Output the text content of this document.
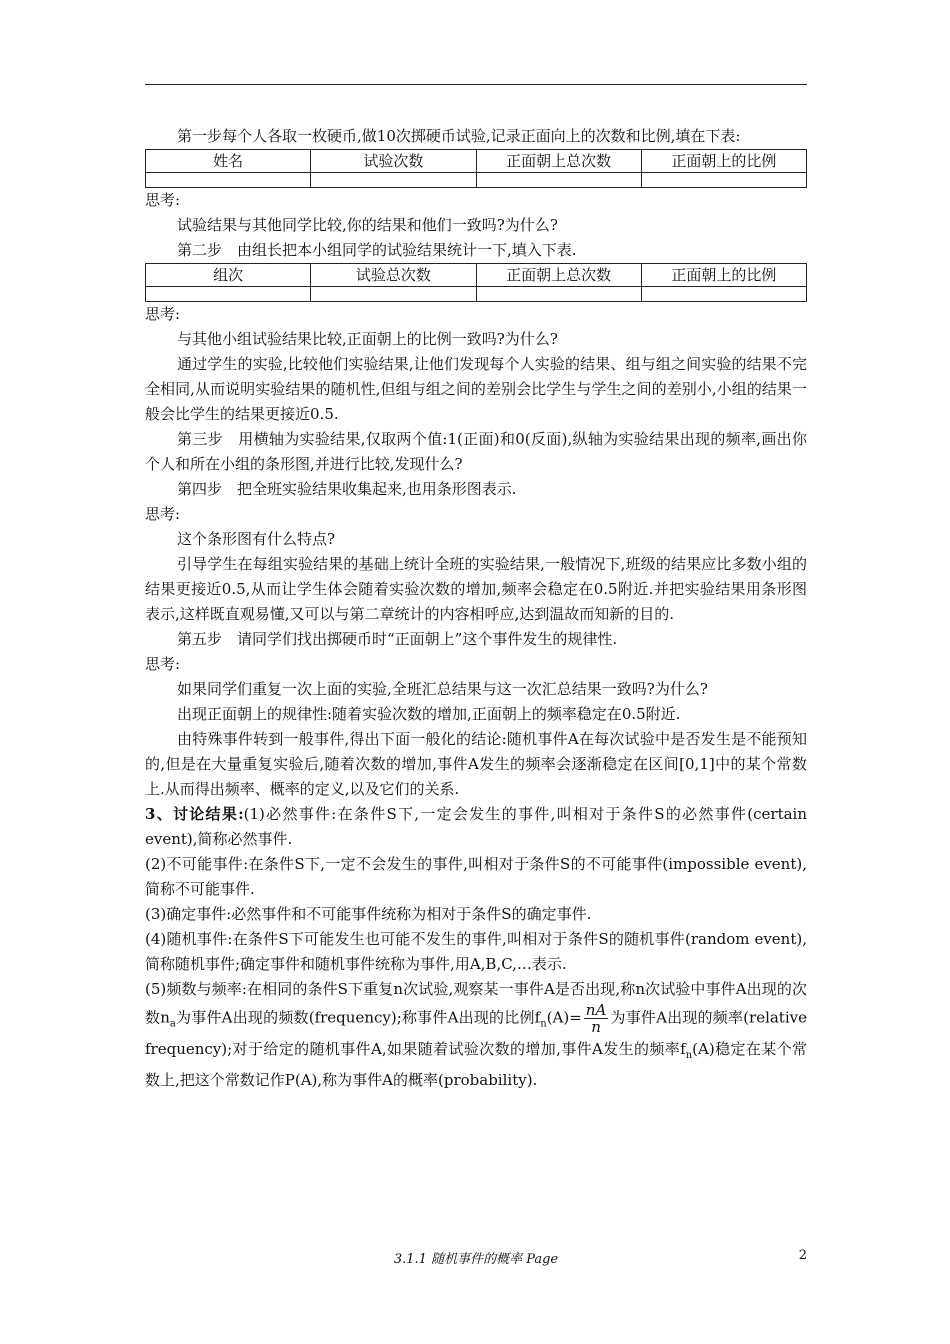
第一步每个人各取一枚硬币,做10次掷硬币试验,记录正面向上的次数和比例,填在下表:

姓名	试验次数	正面朝上总次数	正面朝上的比例

思考:

试验结果与其他同学比较,你的结果和他们一致吗?为什么?

第二步　由组长把本小组同学的试验结果统计一下,填入下表.

组次	试验总次数	正面朝上总次数	正面朝上的比例

思考:

与其他小组试验结果比较,正面朝上的比例一致吗?为什么?

通过学生的实验,比较他们实验结果,让他们发现每个人实验的结果、组与组之间实验的结果不完全相同,从而说明实验结果的随机性,但组与组之间的差别会比学生与学生之间的差别小,小组的结果一般会比学生的结果更接近0.5.

第三步　用横轴为实验结果,仅取两个值:1(正面)和0(反面),纵轴为实验结果出现的频率,画出你个人和所在小组的条形图,并进行比较,发现什么?

第四步　把全班实验结果收集起来,也用条形图表示.

思考:

这个条形图有什么特点?

引导学生在每组实验结果的基础上统计全班的实验结果,一般情况下,班级的结果应比多数小组的结果更接近0.5,从而让学生体会随着实验次数的增加,频率会稳定在0.5附近.并把实验结果用条形图表示,这样既直观易懂,又可以与第二章统计的内容相呼应,达到温故而知新的目的.

第五步　请同学们找出掷硬币时“正面朝上”这个事件发生的规律性.

思考:

如果同学们重复一次上面的实验,全班汇总结果与这一次汇总结果一致吗?为什么?

出现正面朝上的规律性:随着实验次数的增加,正面朝上的频率稳定在0.5附近.

由特殊事件转到一般事件,得出下面一般化的结论:随机事件A在每次试验中是否发生是不能预知的,但是在大量重复实验后,随着次数的增加,事件A发生的频率会逐渐稳定在区间[0,1]中的某个常数上.从而得出频率、概率的定义,以及它们的关系.

3、讨论结果:(1)必然事件:在条件S下,一定会发生的事件,叫相对于条件S的必然事件(certain event),简称必然事件.

(2)不可能事件:在条件S下,一定不会发生的事件,叫相对于条件S的不可能事件(impossible event),简称不可能事件.

(3)确定事件:必然事件和不可能事件统称为相对于条件S的确定事件.

(4)随机事件:在条件S下可能发生也可能不发生的事件,叫相对于条件S的随机事件(random event),简称随机事件;确定事件和随机事件统称为事件,用A,B,C,…表示.

(5)频数与频率:在相同的条件S下重复n次试验,观察某一事件A是否出现,称n次试验中事件A出现的次数$n_a$为事件A出现的频数(frequency);称事件A出现的比例$f_n(A)= \frac{nA}{n}$ 为事件A出现的频率(relative frequency);对于给定的随机事件A,如果随着试验次数的增加,事件A发生的频率$f_n(A)$稳定在某个常数上,把这个常数记作P(A),称为事件A的概率(probability).

3.1.1 随机事件的概率 Page	2
